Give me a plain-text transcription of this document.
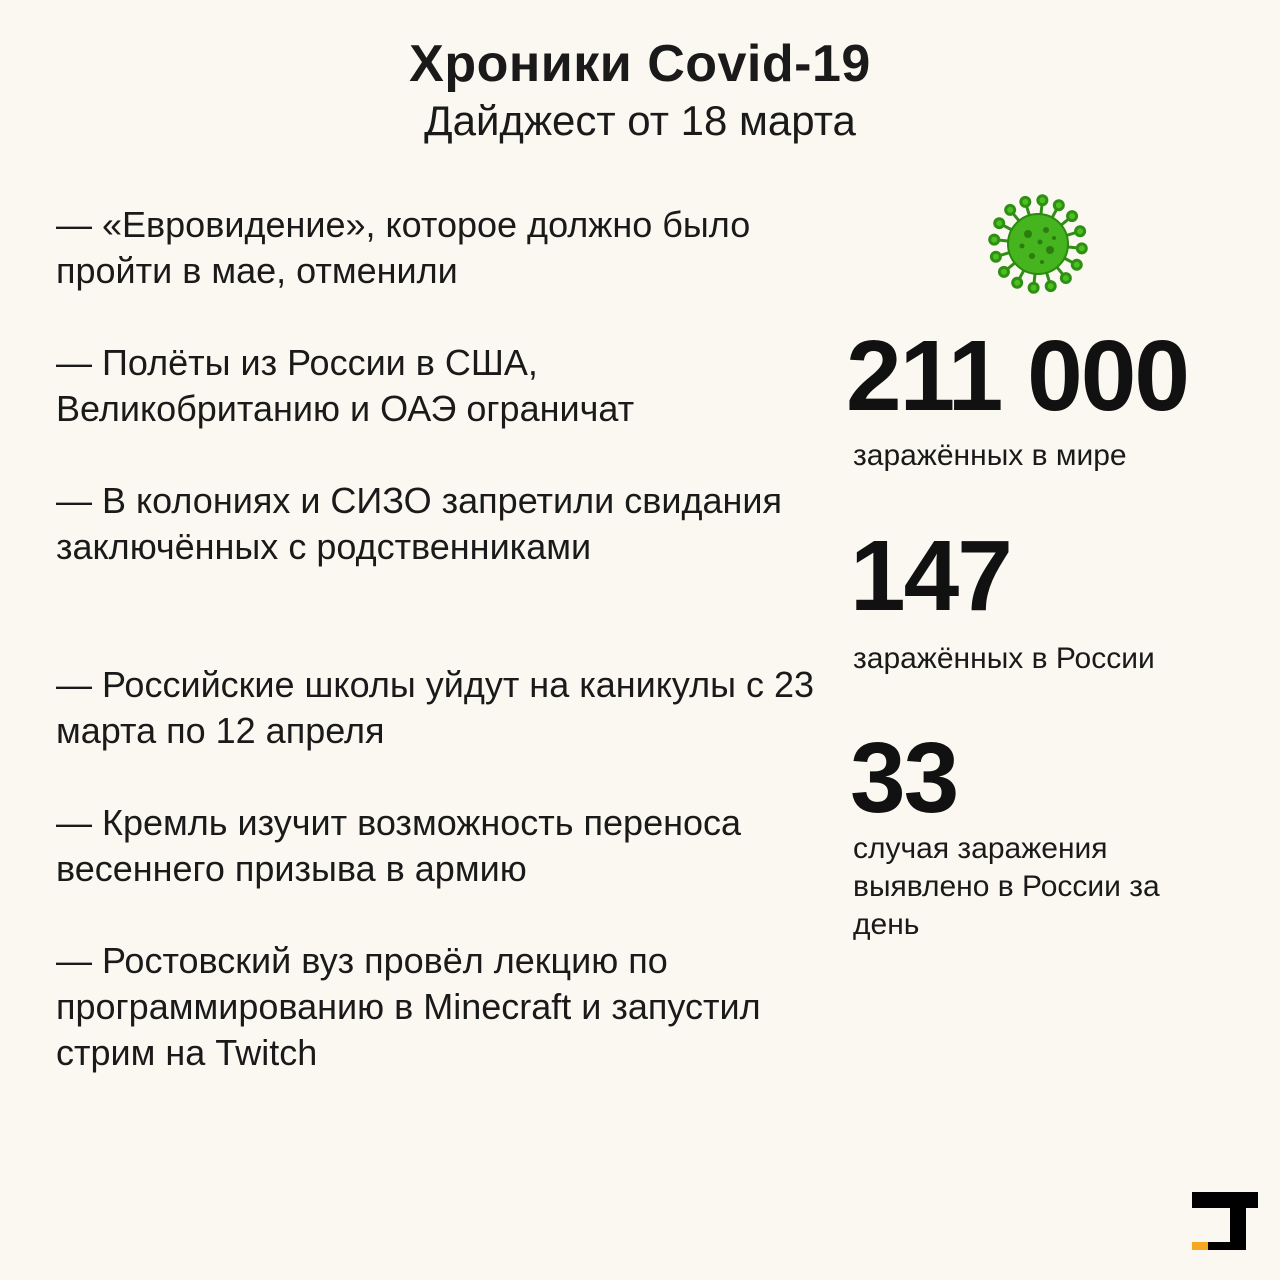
Хроники Covid-19
Дайджест от 18 марта
— «Евровидение», которое должно было пройти в мае, отменили
— Полёты из России в США, Великобританию и ОАЭ ограничат
— В колониях и СИЗО запретили свидания заключённых с родственниками
— Российские школы уйдут на каникулы с 23 марта по 12 апреля
— Кремль изучит возможность переноса весеннего призыва в армию
— Ростовский вуз провёл лекцию по программированию в Minecraft и запустил стрим на Twitch
211 000
заражённых в мире
147
заражённых в России
33
случая заражения выявлено в России за день
